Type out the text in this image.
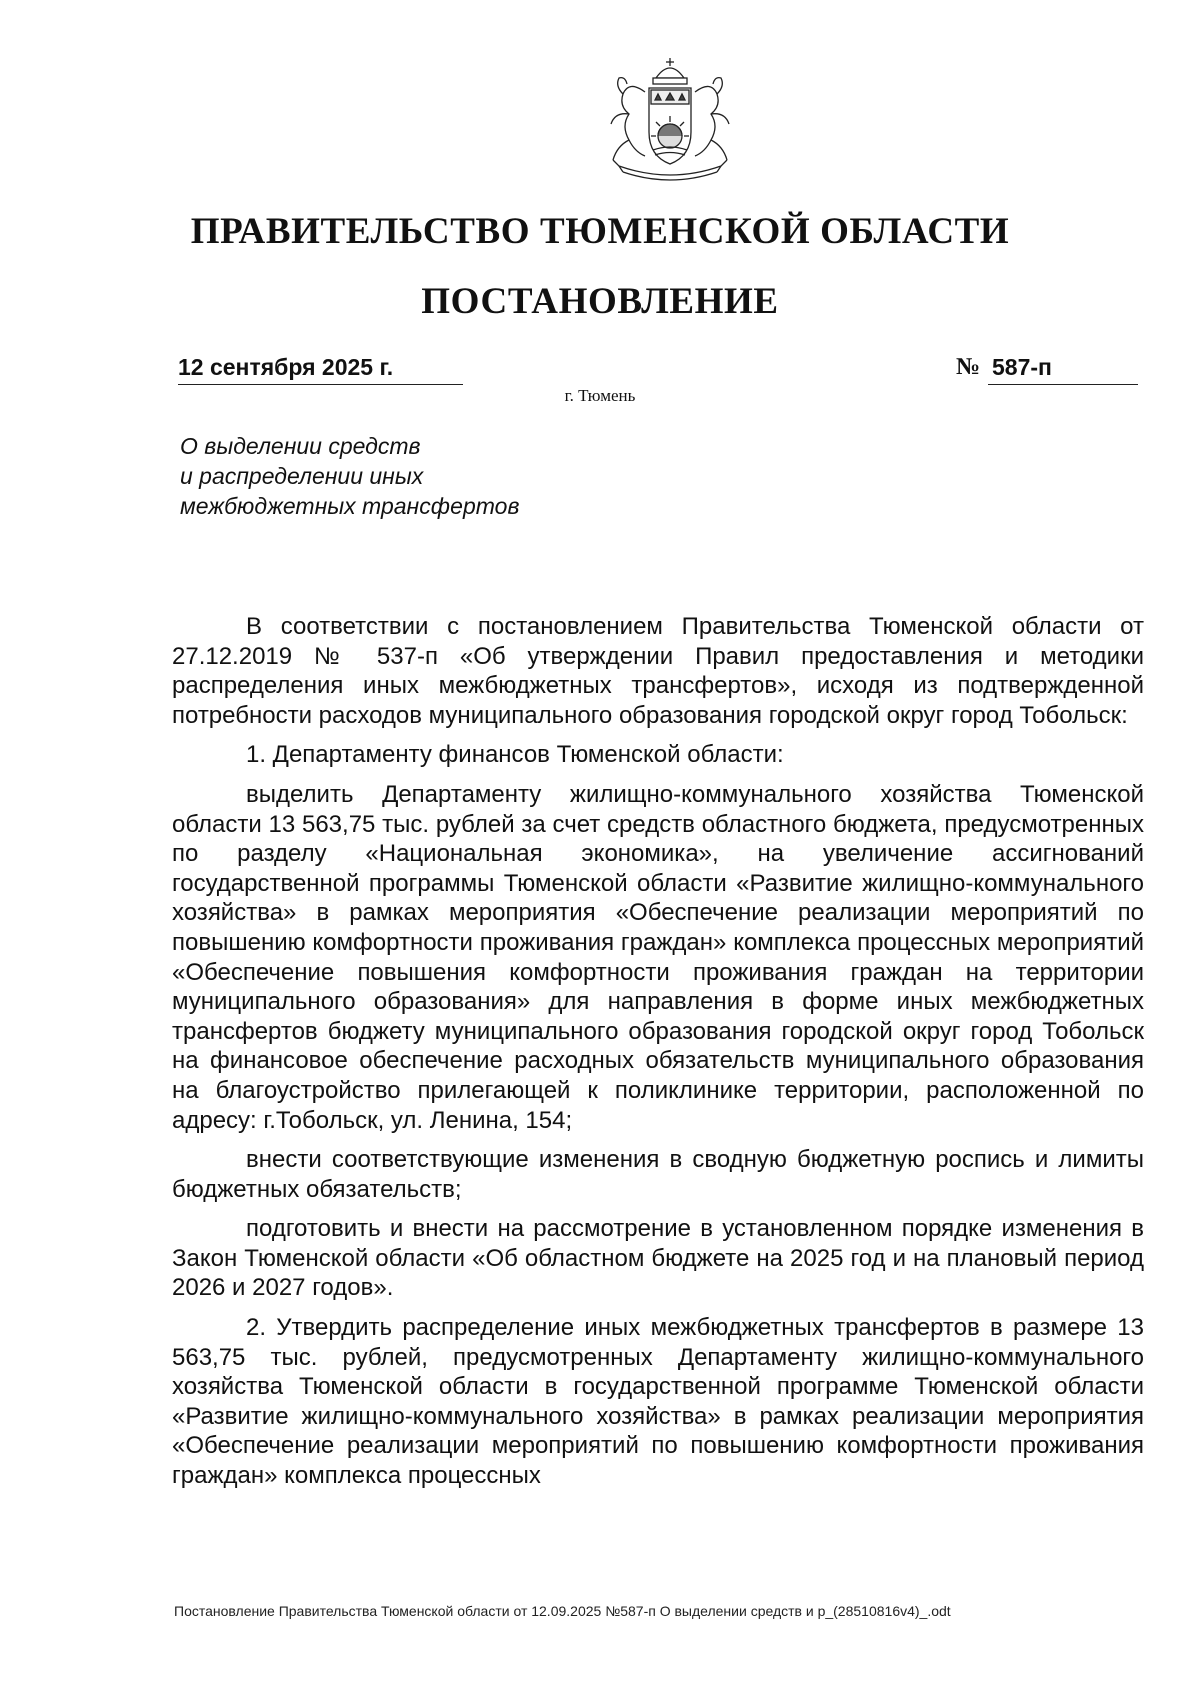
ПРАВИТЕЛЬСТВО ТЮМЕНСКОЙ ОБЛАСТИ
ПОСТАНОВЛЕНИЕ
12 сентября 2025 г.	№ 587-п
г. Тюмень
О выделении средств
и распределении иных
межбюджетных трансфертов

В соответствии с постановлением Правительства Тюменской области от 27.12.2019 № 537-п «Об утверждении Правил предоставления и методики распределения иных межбюджетных трансфертов», исходя из подтвержденной потребности расходов муниципального образования городской округ город Тобольск:

1. Департаменту финансов Тюменской области:

выделить Департаменту жилищно-коммунального хозяйства Тюменской области 13 563,75 тыс. рублей за счет средств областного бюджета, предусмотренных по разделу «Национальная экономика», на увеличение ассигнований государственной программы Тюменской области «Развитие жилищно-коммунального хозяйства» в рамках мероприятия «Обеспечение реализации мероприятий по повышению комфортности проживания граждан» комплекса процессных мероприятий «Обеспечение повышения комфортности проживания граждан на территории муниципального образования» для направления в форме иных межбюджетных трансфертов бюджету муниципального образования городской округ город Тобольск на финансовое обеспечение расходных обязательств муниципального образования на благоустройство прилегающей к поликлинике территории, расположенной по адресу: г.Тобольск, ул. Ленина, 154;

внести соответствующие изменения в сводную бюджетную роспись и лимиты бюджетных обязательств;

подготовить и внести на рассмотрение в установленном порядке изменения в Закон Тюменской области «Об областном бюджете на 2025 год и на плановый период 2026 и 2027 годов».

2. Утвердить распределение иных межбюджетных трансфертов в размере 13 563,75 тыс. рублей, предусмотренных Департаменту жилищно-коммунального хозяйства Тюменской области в государственной программе Тюменской области «Развитие жилищно-коммунального хозяйства» в рамках реализации мероприятия «Обеспечение реализации мероприятий по повышению комфортности проживания граждан» комплекса процессных

Постановление Правительства Тюменской области от 12.09.2025 №587-п О выделении средств и р_(28510816v4)_.odt
